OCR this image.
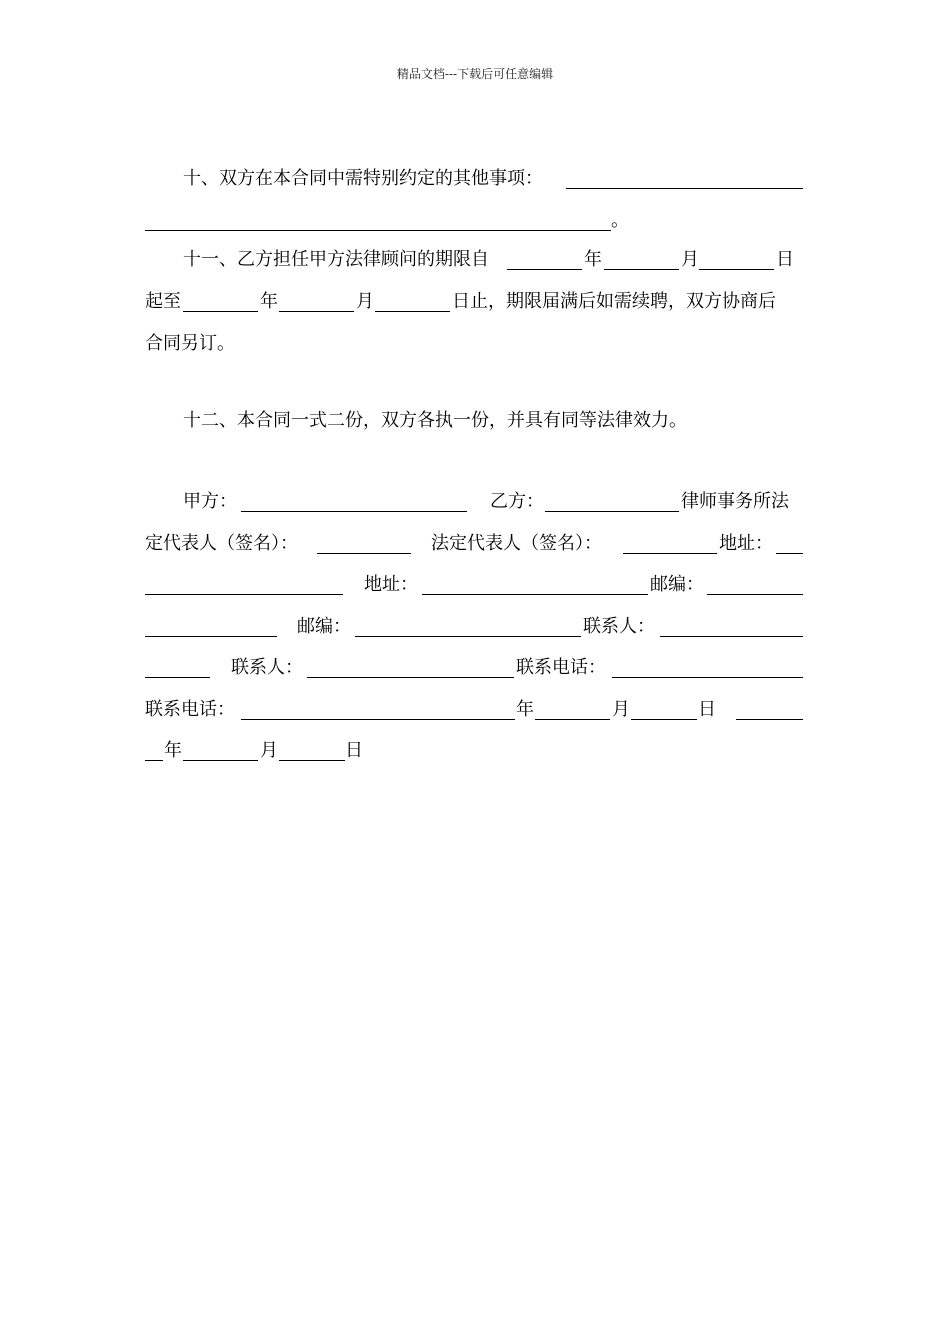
精品文档---下载后可任意编辑
十、双方在本合同中需特别约定的其他事项：
。
十一、乙方担任甲方法律顾问的期限自	年	月	日
起至	年	月	日止，期限届满后如需续聘，双方协商后
合同另订。
十二、本合同一式二份，双方各执一份，并具有同等法律效力。
甲方：	乙方：	律师事务所法
定代表人（签名）：	法定代表人（签名）：	地址：
地址：	邮编：
邮编：	联系人：
联系人：	联系电话：
联系电话：	年	月	日
年	月	日
